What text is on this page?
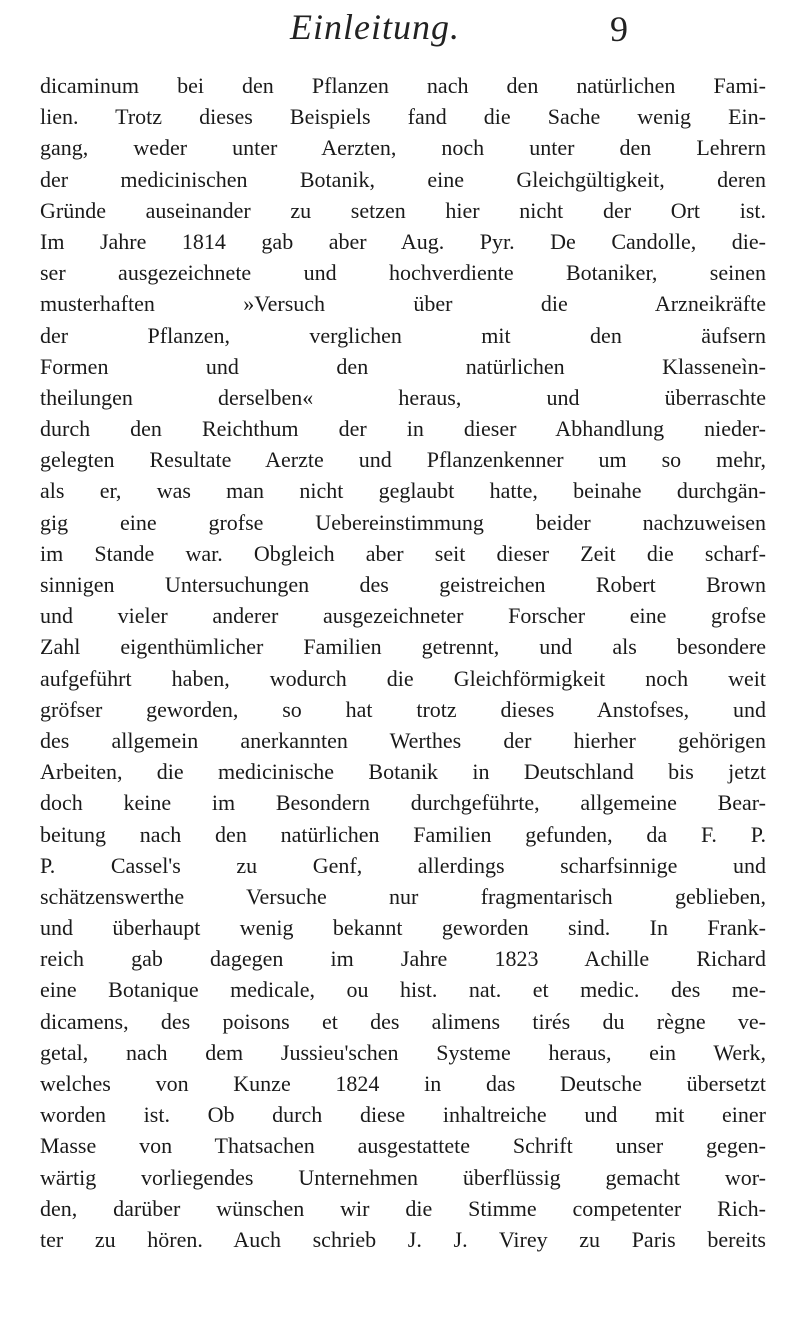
Einleitung.	9
dicaminum bei den Pflanzen nach den natürlichen Fami-
lien. Trotz dieses Beispiels fand die Sache wenig Ein-
gang, weder unter Aerzten, noch unter den Lehrern
der medicinischen Botanik, eine Gleichgültigkeit, deren
Gründe auseinander zu setzen hier nicht der Ort ist.
Im Jahre 1814 gab aber Aug. Pyr. De Candolle, die-
ser ausgezeichnete und hochverdiente Botaniker, seinen
musterhaften »Versuch über die Arzneikräfte
der Pflanzen, verglichen mit den äufsern
Formen und den natürlichen Klasseneìn-
theilungen derselben« heraus, und überraschte
durch den Reichthum der in dieser Abhandlung nieder-
gelegten Resultate Aerzte und Pflanzenkenner um so mehr,
als er, was man nicht geglaubt hatte, beinahe durchgän-
gig eine grofse Uebereinstimmung beider nachzuweisen
im Stande war. Obgleich aber seit dieser Zeit die scharf-
sinnigen Untersuchungen des geistreichen Robert Brown
und vieler anderer ausgezeichneter Forscher eine grofse
Zahl eigenthümlicher Familien getrennt, und als besondere
aufgeführt haben, wodurch die Gleichförmigkeit noch weit
gröfser geworden, so hat trotz dieses Anstofses, und
des allgemein anerkannten Werthes der hierher gehörigen
Arbeiten, die medicinische Botanik in Deutschland bis jetzt
doch keine im Besondern durchgeführte, allgemeine Bear-
beitung nach den natürlichen Familien gefunden, da F. P.
P. Cassel's zu Genf, allerdings scharfsinnige und
schätzenswerthe Versuche nur fragmentarisch geblieben,
und überhaupt wenig bekannt geworden sind. In Frank-
reich gab dagegen im Jahre 1823 Achille Richard
eine Botanique medicale, ou hist. nat. et medic. des me-
dicamens, des poisons et des alimens tirés du règne ve-
getal, nach dem Jussieu'schen Systeme heraus, ein Werk,
welches von Kunze 1824 in das Deutsche übersetzt
worden ist. Ob durch diese inhaltreiche und mit einer
Masse von Thatsachen ausgestattete Schrift unser gegen-
wärtig vorliegendes Unternehmen überflüssig gemacht wor-
den, darüber wünschen wir die Stimme competenter Rich-
ter zu hören. Auch schrieb J. J. Virey zu Paris bereits
